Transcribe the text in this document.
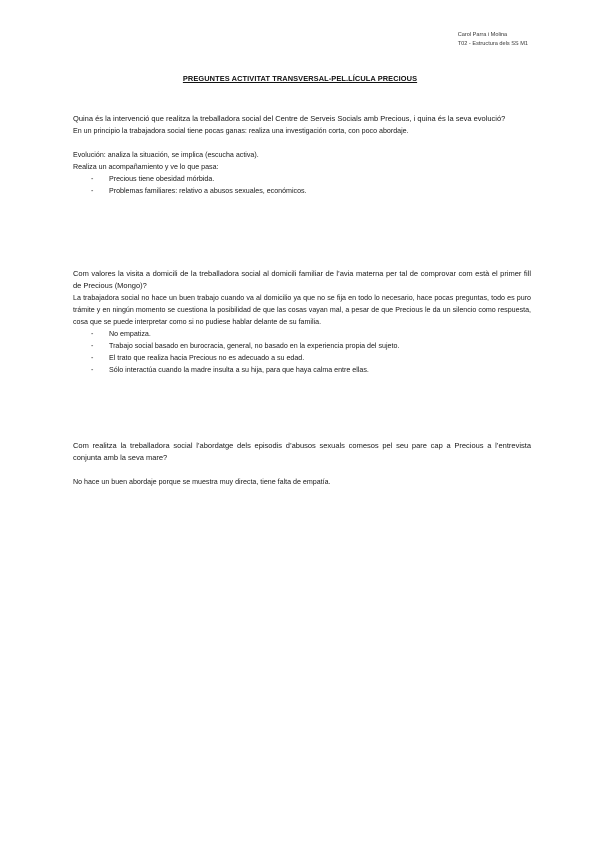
Carol Parra i Molina
T02 - Estructura dels SS M1
PREGUNTES ACTIVITAT TRANSVERSAL-PEL.LÍCULA PRECIOUS

Quina és la intervenció que realitza la treballadora social del Centre de Serveis Socials amb Precious, i quina és la seva evolució?

En un principio la trabajadora social tiene pocas ganas: realiza una investigación corta, con poco abordaje.

Evolución: analiza la situación, se implica (escucha activa).

Realiza un acompañamiento y ve lo que pasa:

- Precious tiene obesidad mórbida.
- Problemas familiares: relativo a abusos sexuales, económicos.

Com valores la visita a domicili de la treballadora social al domicili familiar de l’avia materna per tal de comprovar com està el primer fill de Precious (Mongo)?

La trabajadora social no hace un buen trabajo cuando va al domicilio ya que no se fija en todo lo necesario, hace pocas preguntas, todo es puro trámite y en ningún momento se cuestiona la posibilidad de que las cosas vayan mal, a pesar de que Precious le da un silencio como respuesta, cosa que se puede interpretar como si no pudiese hablar delante de su familia.

- No empatiza.
- Trabajo social basado en burocracia, general, no basado en la experiencia propia del sujeto.
- El trato que realiza hacia Precious no es adecuado a su edad.
- Sólo interactúa cuando la madre insulta a su hija, para que haya calma entre ellas.

Com realitza la treballadora social l’abordatge dels episodis d’abusos sexuals comesos pel seu pare cap a Precious a l’entrevista conjunta amb la seva mare?

No hace un buen abordaje porque se muestra muy directa, tiene falta de empatía.
